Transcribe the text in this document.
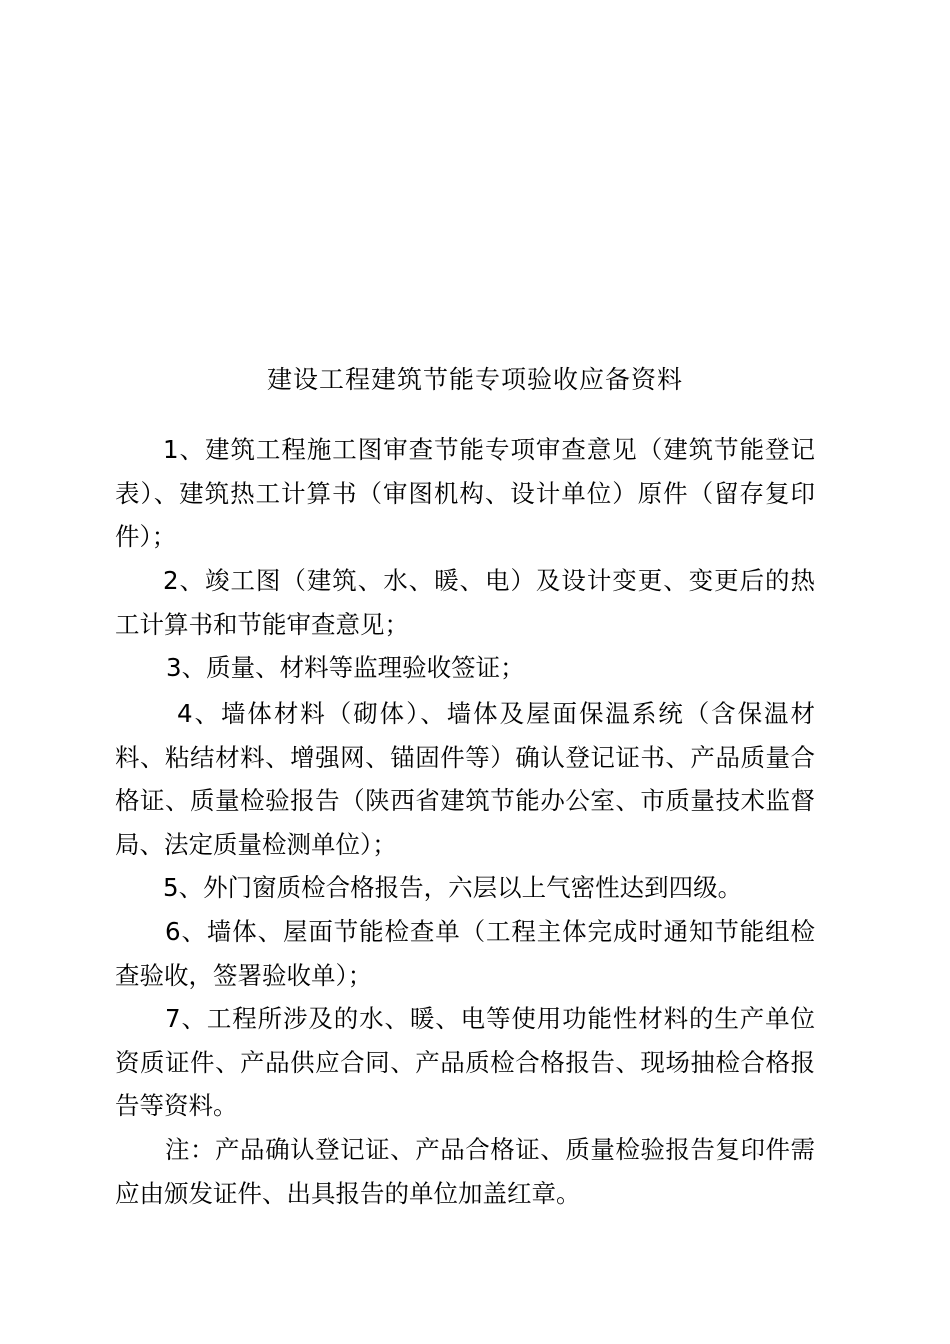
建设工程建筑节能专项验收应备资料
1、建筑工程施工图审查节能专项审查意见（建筑节能登记表）、建筑热工计算书（审图机构、设计单位）原件（留存复印件）；
2、竣工图（建筑、水、暖、电）及设计变更、变更后的热工计算书和节能审查意见；
3、质量、材料等监理验收签证；
4、墙体材料（砌体）、墙体及屋面保温系统（含保温材料、粘结材料、增强网、锚固件等）确认登记证书、产品质量合格证、质量检验报告（陕西省建筑节能办公室、市质量技术监督局、法定质量检测单位）；
5、外门窗质检合格报告，六层以上气密性达到四级。
6、墙体、屋面节能检查单（工程主体完成时通知节能组检查验收，签署验收单）；
7、工程所涉及的水、暖、电等使用功能性材料的生产单位资质证件、产品供应合同、产品质检合格报告、现场抽检合格报告等资料。
注：产品确认登记证、产品合格证、质量检验报告复印件需应由颁发证件、出具报告的单位加盖红章。
